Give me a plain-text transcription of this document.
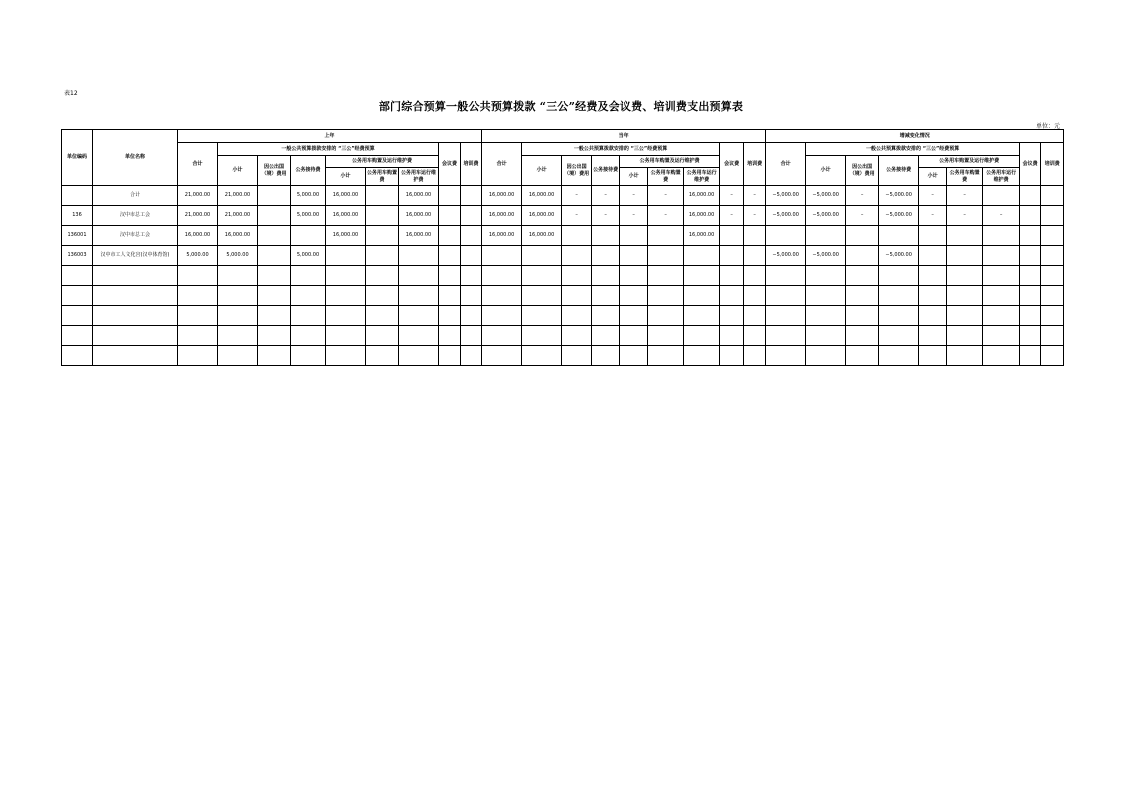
表12
部门综合预算一般公共预算拨款 “三公”经费及会议费、培训费支出预算表
单位：元
单位编码	单位名称	上年									当年									增减变化情况								
		合计	一般公共预算拨款安排的 “三公”经费预算						会议费	培训费	合计	一般公共预算拨款安排的 “三公”经费预算						会议费	培训费	合计	一般公共预算拨款安排的 “三公”经费预算						会议费	培训费
			小计	因公出国（境）费用	公务接待费	公务用车购置及运行维护费						小计	因公出国（境）费用	公务接待费	公务用车购置及运行维护费						小计	因公出国（境）费用	公务接待费	公务用车购置及运行维护费				
						小计	公务用车购置费	公务用车运行维护费							小计	公务用车购置费	公务用车运行维护费							小计	公务用车购置费	公务用车运行维护费		
	合计	21,000.00	21,000.00		5,000.00	16,000.00		16,000.00			16,000.00	16,000.00	–	–	–	–	16,000.00	–	–	−5,000.00	−5,000.00	–	−5,000.00	–	–			
136	汉中市总工会	21,000.00	21,000.00		5,000.00	16,000.00		16,000.00			16,000.00	16,000.00	–	–	–	–	16,000.00	–	–	−5,000.00	−5,000.00	–	−5,000.00	–	–	–		
136001	汉中市总工会	16,000.00	16,000.00			16,000.00		16,000.00			16,000.00	16,000.00					16,000.00											
136003	汉中市工人文化宫(汉中体育馆)	5,000.00	5,000.00		5,000.00															−5,000.00	−5,000.00		−5,000.00					
